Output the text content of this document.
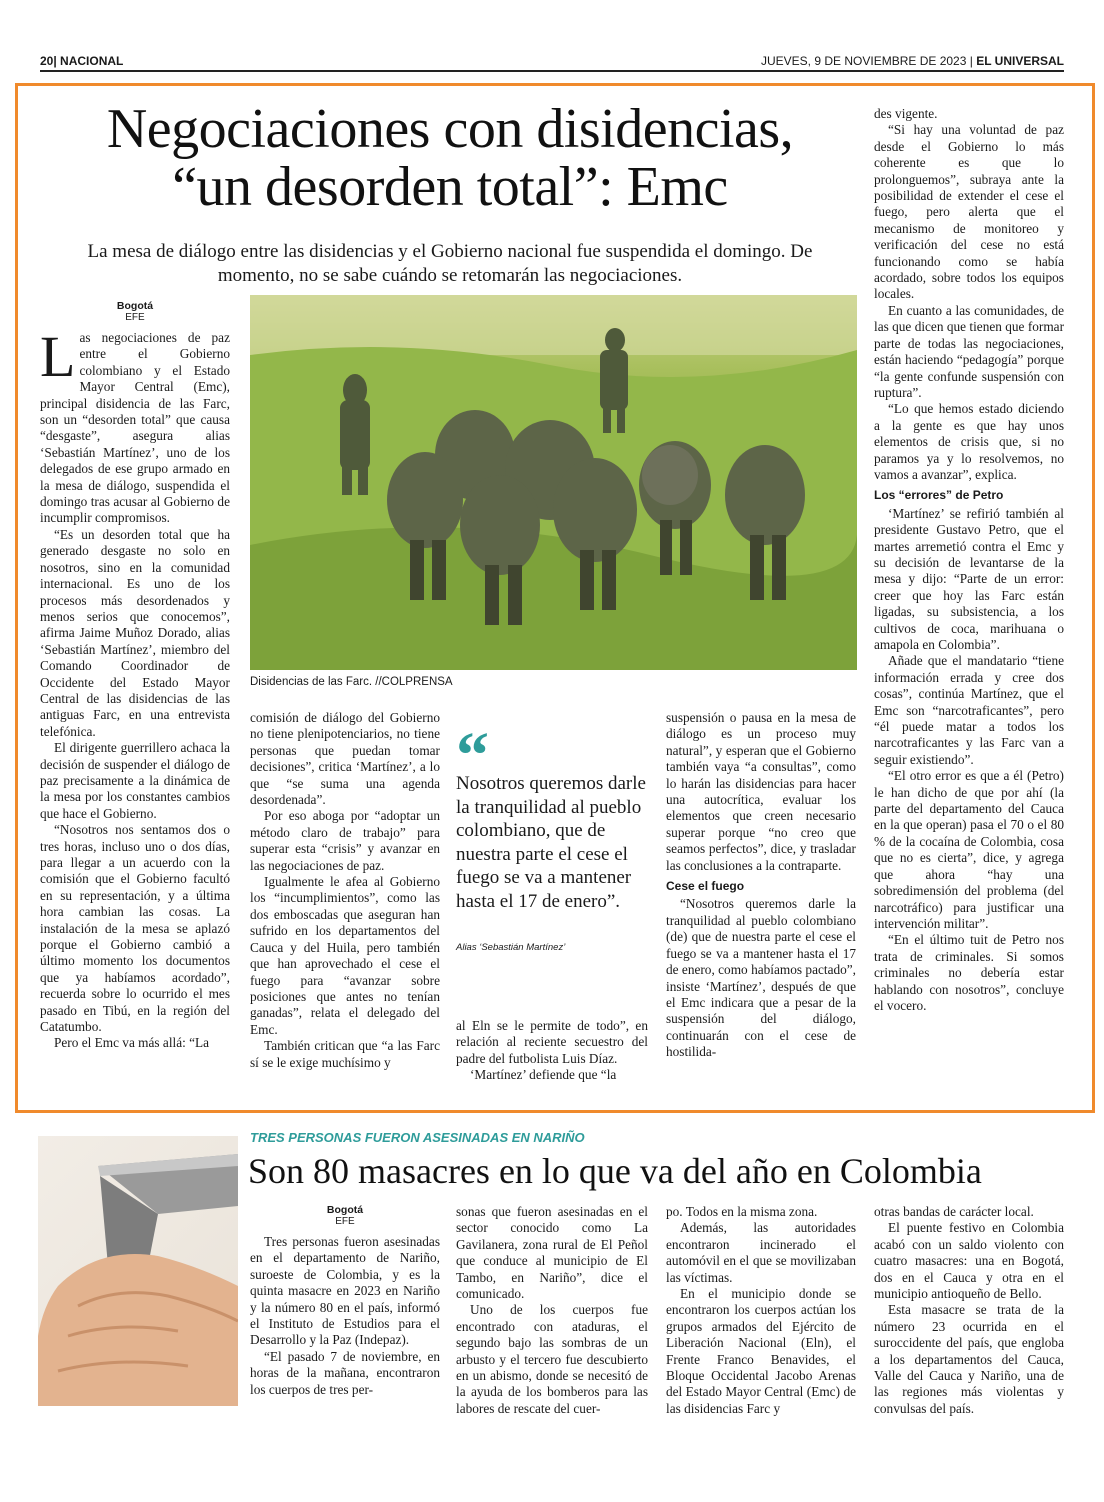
20| NACIONAL	JUEVES, 9 DE NOVIEMBRE DE 2023 | EL UNIVERSAL
Negociaciones con disidencias,
“un desorden total”: Emc
La mesa de diálogo entre las disidencias y el Gobierno nacional fue suspendida el domingo. De momento, no se sabe cuándo se retomarán las negociaciones.
Disidencias de las Farc. //COLPRENSA
Bogotá
EFE

Las negociaciones de paz entre el Gobierno colombiano y el Estado Mayor Central (Emc), principal disidencia de las Farc, son un “desorden total” que causa “desgaste”, asegura alias ‘Sebastián Martínez’, uno de los delegados de ese grupo armado en la mesa de diálogo, suspendida el domingo tras acusar al Gobierno de incumplir compromisos.

“Es un desorden total que ha generado desgaste no solo en nosotros, sino en la comunidad internacional. Es uno de los procesos más desordenados y menos serios que conocemos”, afirma Jaime Muñoz Dorado, alias ‘Sebastián Martínez’, miembro del Comando Coordinador de Occidente del Estado Mayor Central de las disidencias de las antiguas Farc, en una entrevista telefónica.

El dirigente guerrillero achaca la decisión de suspender el diálogo de paz precisamente a la dinámica de la mesa por los constantes cambios que hace el Gobierno.

“Nosotros nos sentamos dos o tres horas, incluso uno o dos días, para llegar a un acuerdo con la comisión que el Gobierno facultó en su representación, y a última hora cambian las cosas. La instalación de la mesa se aplazó porque el Gobierno cambió a último momento los documentos que ya habíamos acordado”, recuerda sobre lo ocurrido el mes pasado en Tibú, en la región del Catatumbo.

Pero el Emc va más allá: “La

comisión de diálogo del Gobierno no tiene plenipotenciarios, no tiene personas que puedan tomar decisiones”, critica ‘Martínez’, a lo que “se suma una agenda desordenada”.

Por eso aboga por “adoptar un método claro de trabajo” para superar esta “crisis” y avanzar en las negociaciones de paz.

Igualmente le afea al Gobierno los “incumplimientos”, como las dos emboscadas que aseguran han sufrido en los departamentos del Cauca y del Huila, pero también que han aprovechado el cese el fuego para “avanzar sobre posiciones que antes no tenían ganadas”, relata el delegado del Emc.

También critican que “a las Farc sí se le exige muchísimo y

“
Nosotros queremos darle la tranquilidad al pueblo colombiano, que de nuestra parte el cese el fuego se va a mantener hasta el 17 de enero”.
Alias ‘Sebastián Martínez’

al Eln se le permite de todo”, en relación al reciente secuestro del padre del futbolista Luis Díaz.

‘Martínez’ defiende que “la

suspensión o pausa en la mesa de diálogo es un proceso muy natural”, y esperan que el Gobierno también vaya “a consultas”, como lo harán las disidencias para hacer una autocrítica, evaluar los elementos que creen necesario superar porque “no creo que seamos perfectos”, dice, y trasladar las conclusiones a la contraparte.

Cese el fuego

“Nosotros queremos darle la tranquilidad al pueblo colombiano (de) que de nuestra parte el cese el fuego se va a mantener hasta el 17 de enero, como habíamos pactado”, insiste ‘Martínez’, después de que el Emc indicara que a pesar de la suspensión del diálogo, continuarán con el cese de hostilida-

des vigente.

“Si hay una voluntad de paz desde el Gobierno lo más coherente es que lo prolonguemos”, subraya ante la posibilidad de extender el cese el fuego, pero alerta que el mecanismo de monitoreo y verificación del cese no está funcionando como se había acordado, sobre todos los equipos locales.

En cuanto a las comunidades, de las que dicen que tienen que formar parte de todas las negociaciones, están haciendo “pedagogía” porque “la gente confunde suspensión con ruptura”.

“Lo que hemos estado diciendo a la gente es que hay unos elementos de crisis que, si no paramos ya y lo resolvemos, no vamos a avanzar”, explica.

Los “errores” de Petro

‘Martínez’ se refirió también al presidente Gustavo Petro, que el martes arremetió contra el Emc y su decisión de levantarse de la mesa y dijo: “Parte de un error: creer que hoy las Farc están ligadas, su subsistencia, a los cultivos de coca, marihuana o amapola en Colombia”.

Añade que el mandatario “tiene información errada y cree dos cosas”, continúa Martínez, que el Emc son “narcotraficantes”, pero “él puede matar a todos los narcotraficantes y las Farc van a seguir existiendo”.

“El otro error es que a él (Petro) le han dicho de que por ahí (la parte del departamento del Cauca en la que operan) pasa el 70 o el 80 % de la cocaína de Colombia, cosa que no es cierta”, dice, y agrega que ahora “hay una sobredimensión del problema (del narcotráfico) para justificar una intervención militar”.

“En el último tuit de Petro nos trata de criminales. Si somos criminales no debería estar hablando con nosotros”, concluye el vocero.

TRES PERSONAS FUERON ASESINADAS EN NARIÑO
Son 80 masacres en lo que va del año en Colombia
Bogotá
EFE

Tres personas fueron asesinadas en el departamento de Nariño, suroeste de Colombia, y es la quinta masacre en 2023 en Nariño y la número 80 en el país, informó el Instituto de Estudios para el Desarrollo y la Paz (Indepaz).

“El pasado 7 de noviembre, en horas de la mañana, encontraron los cuerpos de tres per-

sonas que fueron asesinadas en el sector conocido como La Gavilanera, zona rural de El Peñol que conduce al municipio de El Tambo, en Nariño”, dice el comunicado.

Uno de los cuerpos fue encontrado con ataduras, el segundo bajo las sombras de un arbusto y el tercero fue descubierto en un abismo, donde se necesitó de la ayuda de los bomberos para las labores de rescate del cuer-

po. Todos en la misma zona.

Además, las autoridades encontraron incinerado el automóvil en el que se movilizaban las víctimas.

En el municipio donde se encontraron los cuerpos actúan los grupos armados del Ejército de Liberación Nacional (Eln), el Frente Franco Benavides, el Bloque Occidental Jacobo Arenas del Estado Mayor Central (Emc) de las disidencias Farc y

otras bandas de carácter local.

El puente festivo en Colombia acabó con un saldo violento con cuatro masacres: una en Bogotá, dos en el Cauca y otra en el municipio antioqueño de Bello.

Esta masacre se trata de la número 23 ocurrida en el suroccidente del país, que engloba a los departamentos del Cauca, Valle del Cauca y Nariño, una de las regiones más violentas y convulsas del país.
